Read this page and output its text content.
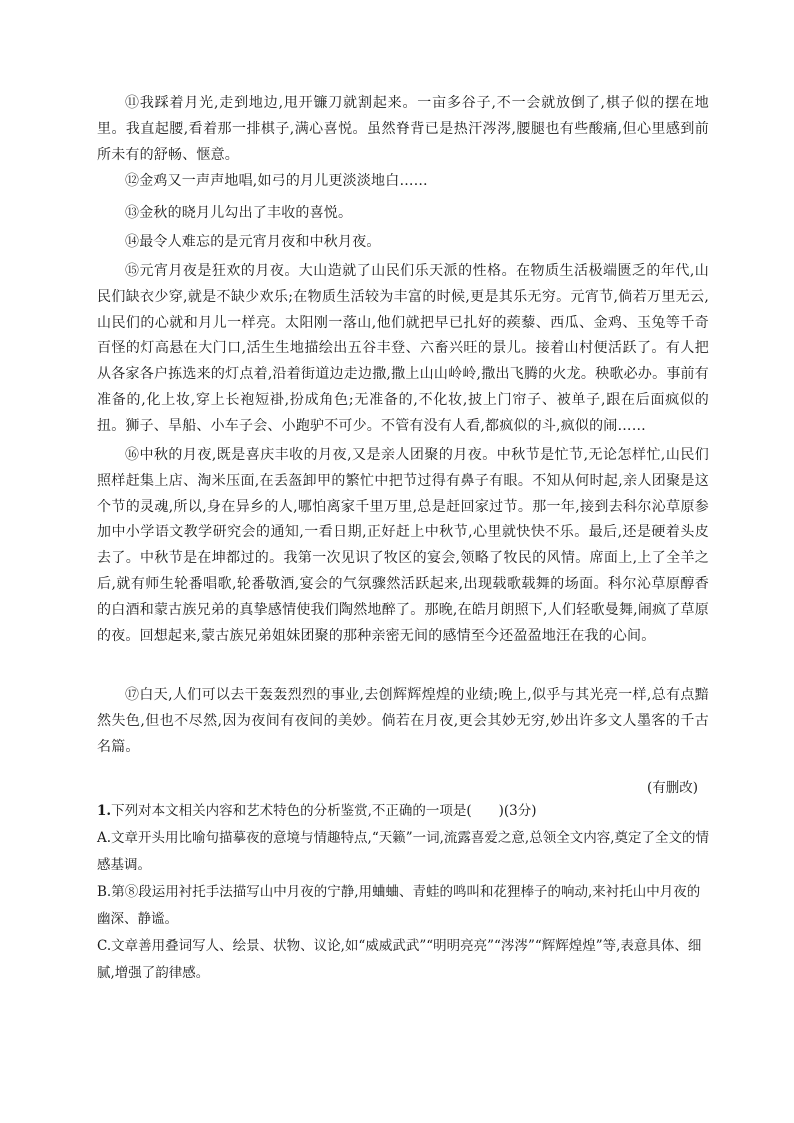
⑪我踩着月光,走到地边,甩开镰刀就割起来。一亩多谷子,不一会就放倒了,棋子似的摆在地里。我直起腰,看着那一排棋子,满心喜悦。虽然脊背已是热汗涔涔,腰腿也有些酸痛,但心里感到前所未有的舒畅、惬意。

⑫金鸡又一声声地唱,如弓的月儿更淡淡地白……

⑬金秋的晓月儿勾出了丰收的喜悦。

⑭最令人难忘的是元宵月夜和中秋月夜。

⑮元宵月夜是狂欢的月夜。大山造就了山民们乐天派的性格。在物质生活极端匮乏的年代,山民们缺衣少穿,就是不缺少欢乐;在物质生活较为丰富的时候,更是其乐无穷。元宵节,倘若万里无云,山民们的心就和月儿一样亮。太阳刚一落山,他们就把早已扎好的蒺藜、西瓜、金鸡、玉兔等千奇百怪的灯高悬在大门口,活生生地描绘出五谷丰登、六畜兴旺的景儿。接着山村便活跃了。有人把从各家各户拣选来的灯点着,沿着街道边走边撒,撒上山山岭岭,撒出飞腾的火龙。秧歌必办。事前有准备的,化上妆,穿上长袍短褂,扮成角色;无准备的,不化妆,披上门帘子、被单子,跟在后面疯似的扭。狮子、旱船、小车子会、小跑驴不可少。不管有没有人看,都疯似的斗,疯似的闹……

⑯中秋的月夜,既是喜庆丰收的月夜,又是亲人团聚的月夜。中秋节是忙节,无论怎样忙,山民们照样赶集上店、淘米压面,在丢盔卸甲的繁忙中把节过得有鼻子有眼。不知从何时起,亲人团聚是这个节的灵魂,所以,身在异乡的人,哪怕离家千里万里,总是赶回家过节。那一年,接到去科尔沁草原参加中小学语文教学研究会的通知,一看日期,正好赶上中秋节,心里就快快不乐。最后,还是硬着头皮去了。中秋节是在坤都过的。我第一次见识了牧区的宴会,领略了牧民的风情。席面上,上了全羊之后,就有师生轮番唱歌,轮番敬酒,宴会的气氛骤然活跃起来,出现载歌载舞的场面。科尔沁草原醇香的白酒和蒙古族兄弟的真挚感情使我们陶然地醉了。那晚,在皓月朗照下,人们轻歌曼舞,闹疯了草原的夜。回想起来,蒙古族兄弟姐妹团聚的那种亲密无间的感情至今还盈盈地汪在我的心间。

⑰白天,人们可以去干轰轰烈烈的事业,去创辉辉煌煌的业绩;晚上,似乎与其光亮一样,总有点黯然失色,但也不尽然,因为夜间有夜间的美妙。倘若在月夜,更会其妙无穷,妙出许多文人墨客的千古名篇。

(有删改)

1.下列对本文相关内容和艺术特色的分析鉴赏,不正确的一项是(　　)(3分)

A.文章开头用比喻句描摹夜的意境与情趣特点,“天籁”一词,流露喜爱之意,总领全文内容,奠定了全文的情感基调。

B.第⑧段运用衬托手法描写山中月夜的宁静,用蛐蛐、青蛙的鸣叫和花狸棒子的响动,来衬托山中月夜的幽深、静谧。

C.文章善用叠词写人、绘景、状物、议论,如“威威武武”“明明亮亮”“涔涔”“辉辉煌煌”等,表意具体、细腻,增强了韵律感。
